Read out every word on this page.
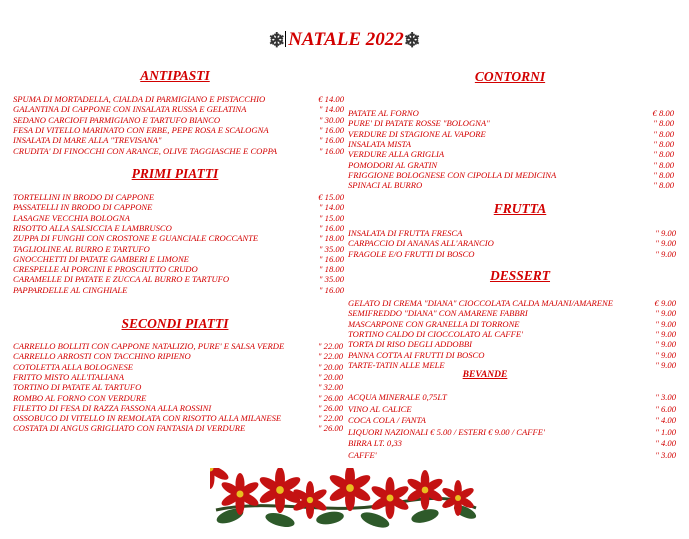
❄ NATALE 2022❄
ANTIPASTI
SPUMA DI MORTADELLA, CIALDA DI PARMIGIANO E PISTACCHIO	€ 14.00
GALANTINA DI CAPPONE CON INSALATA RUSSA E GELATINA	" 14.00
SEDANO CARCIOFI PARMIGIANO E TARTUFO BIANCO	" 30.00
FESA DI VITELLO MARINATO CON ERBE, PEPE ROSA E SCALOGNA	" 16.00
INSALATA DI MARE ALLA "TREVISANA"	" 16.00
CRUDITA' DI FINOCCHI CON ARANCE, OLIVE TAGGIASCHE E COPPA	" 16.00
PRIMI PIATTI
TORTELLINI IN BRODO DI CAPPONE	€ 15.00
PASSATELLI IN BRODO DI CAPPONE	" 14.00
LASAGNE VECCHIA BOLOGNA	" 15.00
RISOTTO ALLA SALSICCIA E LAMBRUSCO	" 16.00
ZUPPA DI FUNGHI CON CROSTONE E GUANCIALE CROCCANTE	" 18.00
TAGLIOLINE AL BURRO E TARTUFO	" 35.00
GNOCCHETTI DI PATATE GAMBERI E LIMONE	" 16.00
CRESPELLE AI PORCINI E PROSCIUTTO CRUDO	" 18.00
CARAMELLE DI PATATE E ZUCCA AL BURRO E TARTUFO	" 35.00
PAPPARDELLE AL CINGHIALE	" 16.00
SECONDI PIATTI
CARRELLO BOLLITI CON CAPPONE NATALIZIO, PURE' E SALSA VERDE	" 22.00
CARRELLO ARROSTI CON TACCHINO RIPIENO	" 22.00
COTOLETTA ALLA BOLOGNESE	" 20.00
FRITTO MISTO ALL'ITALIANA	" 20.00
TORTINO DI PATATE AL TARTUFO	" 32.00
ROMBO AL FORNO CON VERDURE	" 26.00
FILETTO DI FESA DI RAZZA FASSONA ALLA ROSSINI	" 26.00
OSSOBUCO DI VITELLO IN REMOLATA CON RISOTTO ALLA MILANESE	" 22.00
COSTATA DI ANGUS GRIGLIATO CON FANTASIA DI VERDURE	" 26.00
CONTORNI
PATATE AL FORNO	€ 8.00
PURE' DI PATATE ROSSE "BOLOGNA"	" 8.00
VERDURE DI STAGIONE AL VAPORE	" 8.00
INSALATA MISTA	" 8.00
VERDURE ALLA GRIGLIA	" 8.00
POMODORI AL GRATIN	" 8.00
FRIGGIONE BOLOGNESE CON CIPOLLA DI MEDICINA	" 8.00
SPINACI AL BURRO	" 8.00
FRUTTA
INSALATA DI FRUTTA FRESCA	" 9.00
CARPACCIO DI ANANAS ALL'ARANCIO	" 9.00
FRAGOLE E/O FRUTTI DI BOSCO	" 9.00
DESSERT
GELATO DI CREMA "DIANA" CIOCCOLATA CALDA MAJANI/AMARENE	€ 9.00
SEMIFREDDO "DIANA" CON AMARENE FABBRI	" 9.00
MASCARPONE CON GRANELLA DI TORRONE	" 9.00
TORTINO CALDO DI CIOCCOLATO AL CAFFE'	" 9.00
TORTA DI RISO DEGLI ADDOBBI	" 9.00
PANNA COTTA AI FRUTTI DI BOSCO	" 9.00
TARTE-TATIN ALLE MELE	" 9.00
BEVANDE
ACQUA MINERALE 0,75LT	" 3.00
VINO AL CALICE	" 6.00
COCA COLA / FANTA	" 4.00
LIQUORI NAZIONALI € 5.00 / ESTERI € 9.00 / CAFFE'	" 1.00
BIRRA LT. 0,33	" 4.00
CAFFE'	" 3.00
